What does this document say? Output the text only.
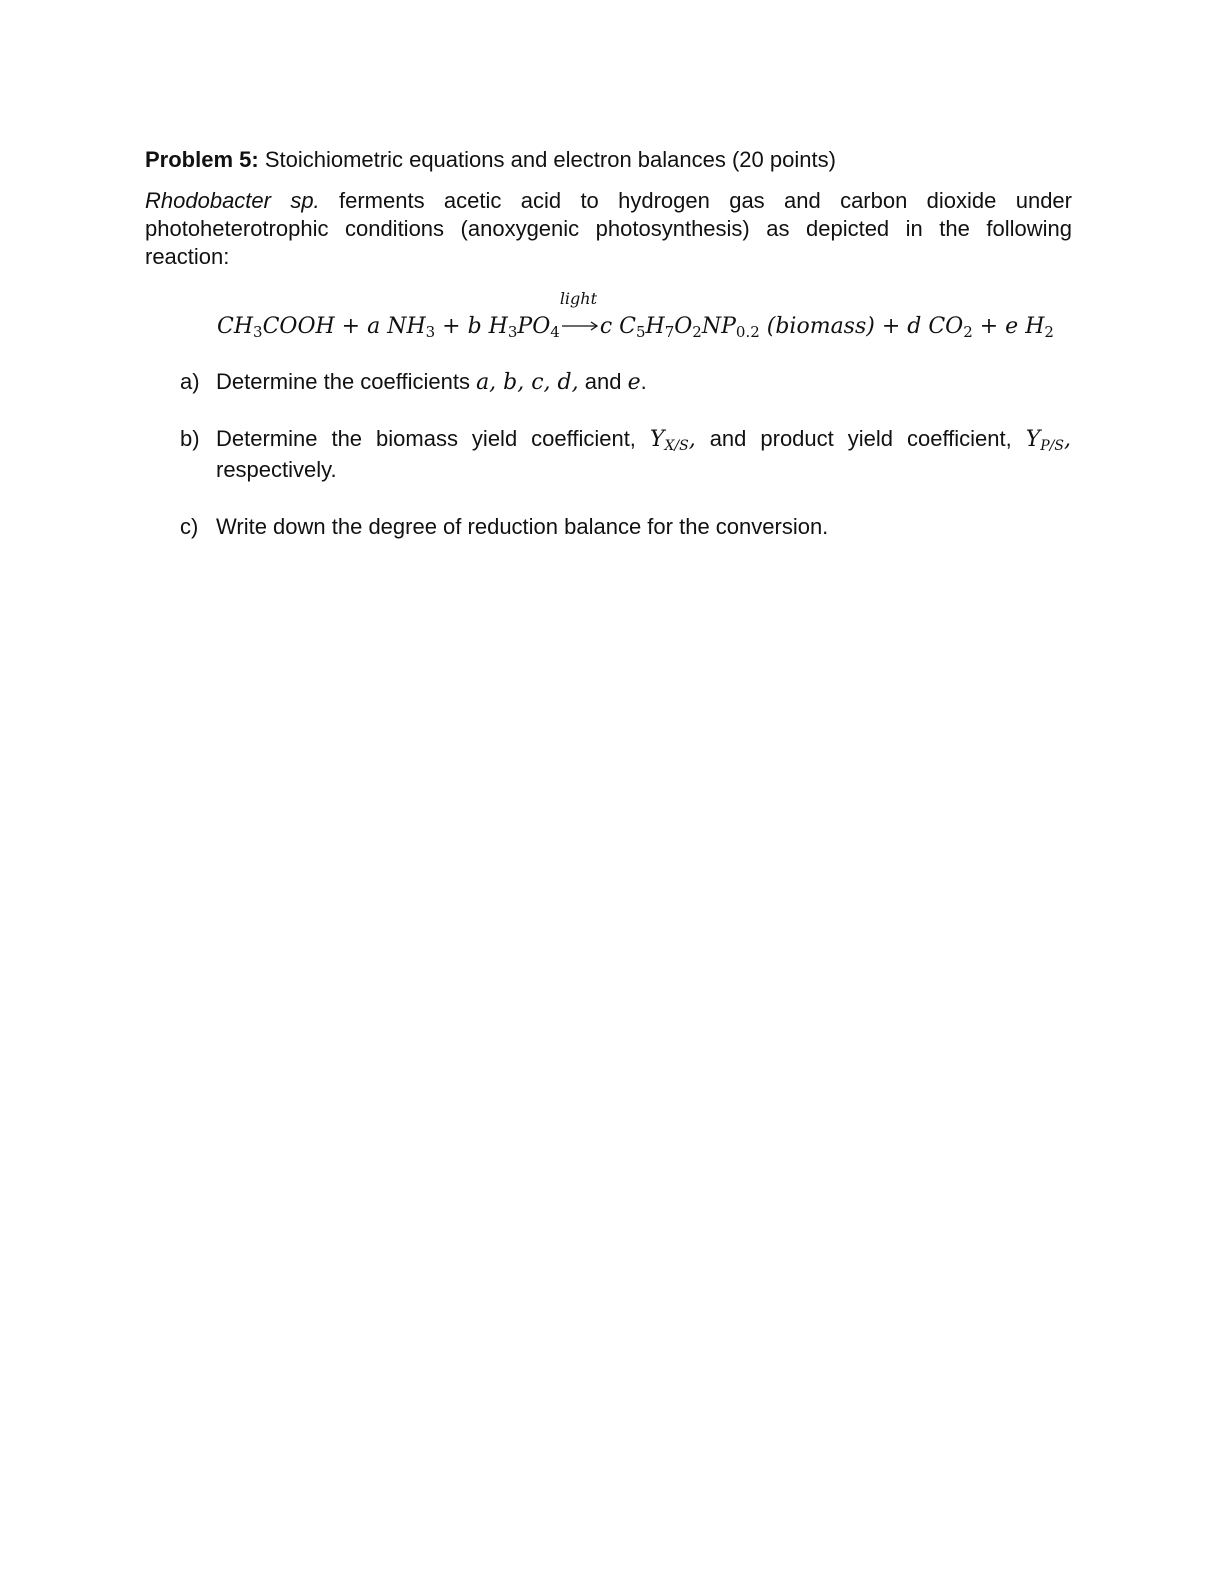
Problem 5: Stoichiometric equations and electron balances (20 points)
Rhodobacter sp. ferments acetic acid to hydrogen gas and carbon dioxide under photoheterotrophic conditions (anoxygenic photosynthesis) as depicted in the following reaction:
$CH_3COOH + a$ $NH_3 + b$ $H_3PO_4$
light
c $C_5H_7O_2NP_{0.2}$ (biomass) + d $CO_2 + e$ $H_2$
a) Determine the coefficients a, b, c, d, and e.
b) Determine the biomass yield coefficient, $Y_{X/S}$, and product yield coefficient, $Y_{P/S}$, respectively.
c) Write down the degree of reduction balance for the conversion.
